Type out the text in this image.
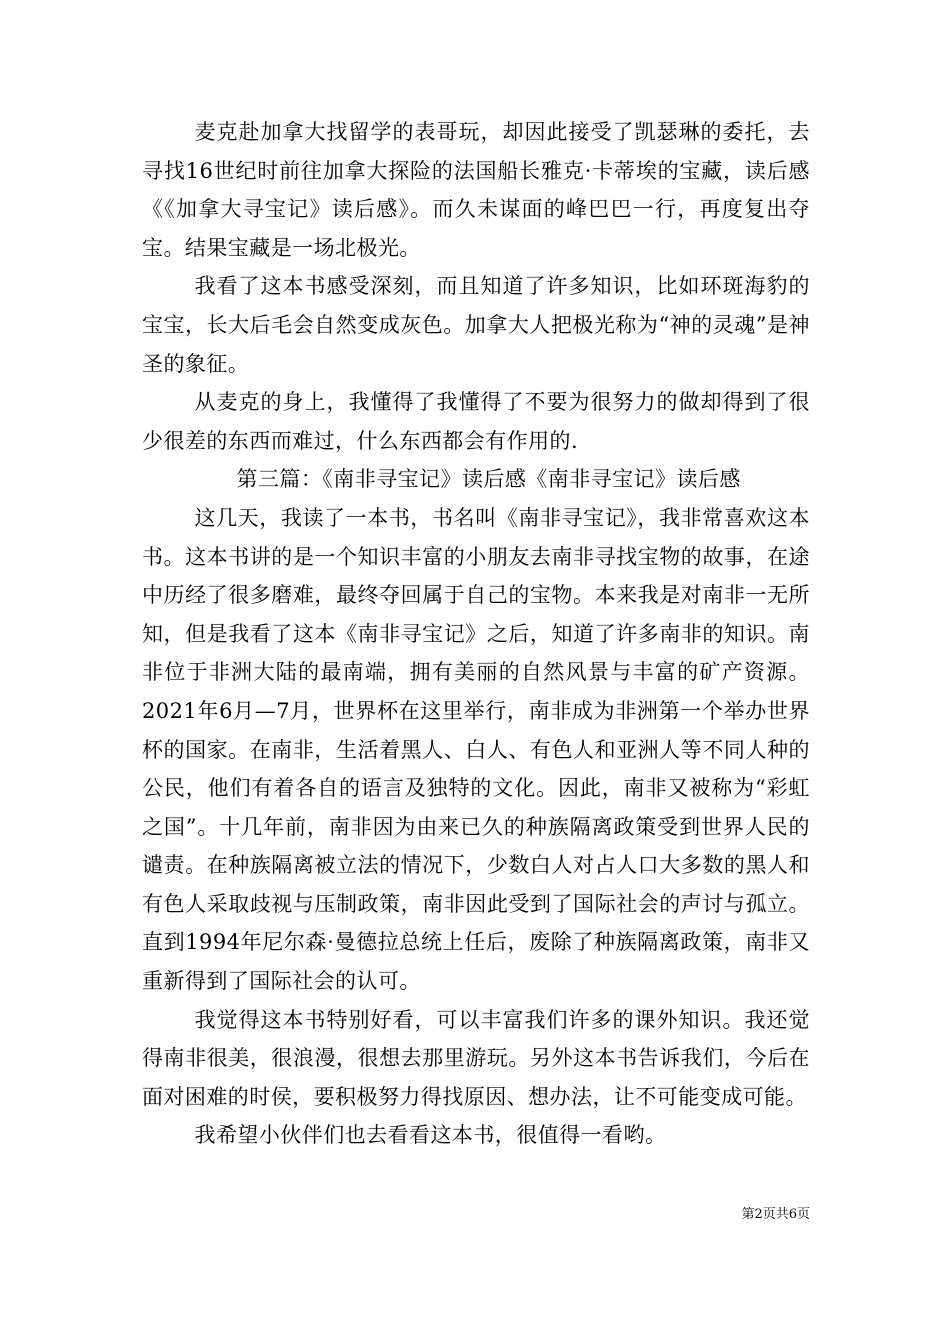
麦克赴加拿大找留学的表哥玩，却因此接受了凯瑟琳的委托，去寻找16世纪时前往加拿大探险的法国船长雅克·卡蒂埃的宝藏，读后感《《加拿大寻宝记》读后感》。而久未谋面的峰巴巴一行，再度复出夺宝。结果宝藏是一场北极光。

我看了这本书感受深刻，而且知道了许多知识，比如环斑海豹的宝宝，长大后毛会自然变成灰色。加拿大人把极光称为“神的灵魂”是神圣的象征。

从麦克的身上，我懂得了我懂得了不要为很努力的做却得到了很少很差的东西而难过，什么东西都会有作用的.

第三篇：《南非寻宝记》读后感《南非寻宝记》读后感

这几天，我读了一本书，书名叫《南非寻宝记》，我非常喜欢这本书。这本书讲的是一个知识丰富的小朋友去南非寻找宝物的故事，在途中历经了很多磨难，最终夺回属于自己的宝物。本来我是对南非一无所知，但是我看了这本《南非寻宝记》之后，知道了许多南非的知识。南非位于非洲大陆的最南端，拥有美丽的自然风景与丰富的矿产资源。2021年6月—7月，世界杯在这里举行，南非成为非洲第一个举办世界杯的国家。在南非，生活着黑人、白人、有色人和亚洲人等不同人种的公民，他们有着各自的语言及独特的文化。因此，南非又被称为“彩虹之国”。十几年前，南非因为由来已久的种族隔离政策受到世界人民的谴责。在种族隔离被立法的情况下，少数白人对占人口大多数的黑人和有色人采取歧视与压制政策，南非因此受到了国际社会的声讨与孤立。直到1994年尼尔森·曼德拉总统上任后，废除了种族隔离政策，南非又重新得到了国际社会的认可。

我觉得这本书特别好看，可以丰富我们许多的课外知识。我还觉得南非很美，很浪漫，很想去那里游玩。另外这本书告诉我们，今后在面对困难的时侯，要积极努力得找原因、想办法，让不可能变成可能。

我希望小伙伴们也去看看这本书，很值得一看哟。

第2页共6页
